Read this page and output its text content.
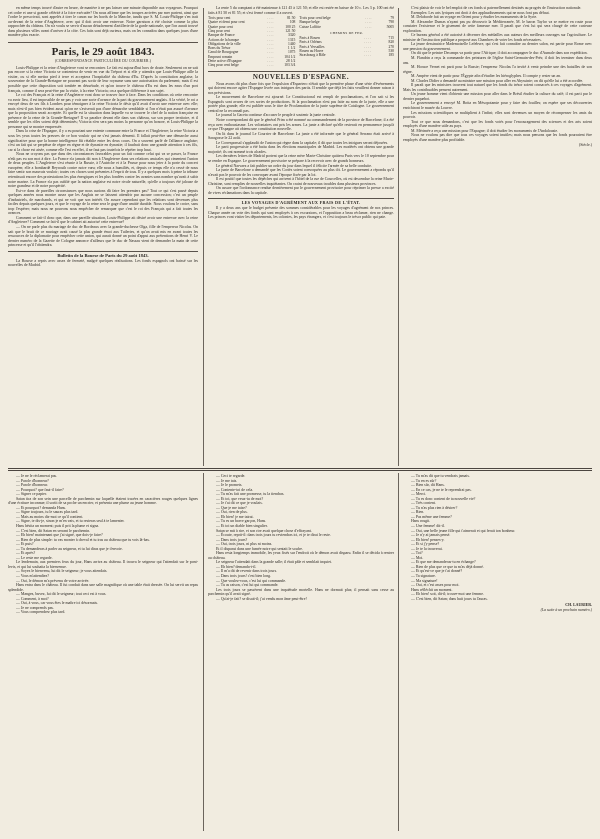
en même temps trouvé d'autre en heure, de manière à ne pas laisser une minute disponible aux voyageurs. Pourquoi cet ordre et une si grande célérité à la foire exécutée? On nous affirme que les troupes arrivées par mer partent, ainsi que l'ordre le prescrivait, sont appelés à tirer le canon sur les bords de la Manche, tandis que S. M. Louis-Philippe s'en irait au-devant de la reine d'Angleterre, avec qui il doit avoir une entrevue. Notre garnison a été choisie comme la plus rapprochée du château. On n'a voulu se servir d'aucun détachement d'artillerie de la garde nationale, que l'on aurait trouvé dans plusieurs villes avant d'arriver à la côte. Ces faits sont déjà curieux, mais on les connaîtra dans quelques jours d'une manière plus exacte.

Paris, le 29 août 1843.

(CORRESPONDANCE PARTICULIÈRE DU COURRIER.)

Louis-Philippe et la reine d'Angleterre vont se rencontrer. Le fait est aujourd'hui hors de doute. Seulement on ne sait pas encore si la reine Victoria se contentera de venir en vue du Tréport et si elle y attendra que Louis-Philippe aille la visiter, ou si elle mettra pied à terre et acceptera l'hospitalité du château d'Eu. D'après la constitution anglaise, la souveraine de la Grande-Bretagne ne pouvant pas sortir de leur royaume sans une autorisation du parlement; mais il est possible que cette disposition soit tombée en désuétude, et qu'on trouve le château d'Eu est dans les eaux d'un port français, comme il sera peut-être par la visite, à la reine Victoria; on a quelque différence à son sujet.

Le roi des Français et la reine d'Angleterre vont donc se trouver face à face. Dans les conditions où cette rencontre va avoir lieu, il est impossible de ne pas y voir une sorte d'avance de la part du gouvernement anglais. A la vérité, le roi a envoyé deux de ses fils à Londres pour témoigner à la reine Victoria le désir qu'il avait d'avoir une entrevue avec elle; mais n'est-il pas bien évident aussi qu'on ne s'aviserait pas d'une démarche semblable si l'on n'était pas assuré d'avance que la proposition serait acceptée. Et quelle est la situation dans laquelle va se trouver le chef de la nation française en présence de la reine de la Grande-Bretagne? Il va paraître devant elle dans son château, sur son propre territoire, et il semble que les rôles soient déjà déterminés; Victoria n'en sera pas moins la personne qu'on honore, et Louis-Philippe la personne qui se montre empressée.

Dans la crise de l'Espagne, il y a eu pourtant une entente commune entre la France et l'Angleterre; la reine Victoria a sous les yeux toutes les preuves de ce bon vouloir qui ne s'est jamais démenti. Il fallait peut-être une démarche aussi significative pour que la bonne intelligence fût rétablie entre les deux cours. On a souvent parlé de l'alliance anglaise; c'est un fait qui se perpétue de règne en règne et de dynastie en dynastie; il faudrait donc une grande attention à ces fils, car si la chose est aisée, comme elle l'est en effet, il ne faut pas toutefois le répéter trop haut.

Nous ne croyons pas que dans des circonstances favorables pour un fait comme celui qui va se passer, la France n'eût pas eu son mot à dire. La France n'a jamais dit non à l'Angleterre dans ses relations amicales qui cimentent l'union de deux peuples. L'Angleterre s'est réunie à la Russie, à l'Autriche et à la Prusse pour nous jeter à la porte du concert européen; elle a bombardé Beyrouth contre notre vœu; elle nous a humiliés, et, depuis ce temps elle n'a cessé de nous faire sentir son mauvais vouloir; toutes ces choses sont présentes à l'esprit de tous. Il y a quelques mois à peine la tribune retentissait encore des protestations les plus énergiques et les plus fondées contre les avanies sans nombre qu'avait à subir notre marine. La France n'a pas oublié que la nation anglaise est notre rivale naturelle, qu'elle a toujours été jalouse de notre grandeur et de notre prospérité.

Est-ce dans de pareilles circonstances que nous aurions dû faire les premiers pas? Tout ce qui s'est passé depuis quelques années nous montre assez que les Anglais ne se laissent attendrir par aucune concession; c'est un peuple d'industriels, de marchands, et qui ne voit que son intérêt. On assure cependant que les relations sont devenues plus faciles depuis quelques jours, et que le voyage de la reine sera le gage d'une amitié durable. Nous voulons le croire, sans trop l'espérer; mais nous ne pouvons nous empêcher de remarquer que c'est le roi des Français qui a fait toutes les avances.

Comment se fait-il donc que, dans une pareille situation, Louis-Philippe ait désiré avoir une entrevue avec la reine d'Angleterre? Comment se fait-il que le cabinet ait autorisé cette entrevue?

— On ne parle plus du mariage de duc de Bordeaux avec la grande-duchesse Olga, fille de l'empereur Nicolas. On sait que le bruit de ce mariage avait causé la plus grande émoi aux Tuileries, et qu'on avait mis en avant toutes les ressources de la diplomatie pour empêcher cette union, qui aurait donné un point d'appui aux prétentions de Henri V. Le dernier numéro de la Gazette de Cologne annonce d'ailleurs que le duc de Nassau vient de demander la main de cette princesse et qu'il l'obtiendra.

Bulletin de la Bourse de Paris du 29 août 1843.

La Bourse a repris avec assez de fermeté, malgré quelques réalisations. Les fonds espagnols ont baissé sur les nouvelles de Madrid.

La rente 5 du comptant a été maintenue à 121 45 à 121 50; et elle est restée en baisse de 10 c. Les 3 p. 100 ont été faits à 81 50 et 81 55; et s'est fermé comme il a ouvert.

Trois pour cent	. . . .	81 50
Quatre et demi pour cent	. . . .	108
Quatre pour cent	. . . .	100 25
Cinq pour cent	. . . .	121 50
Banque de France	. . . .	3320
Actions de la banque	. . . .	1315
Obligations de la ville	. . . .	1440
Bons du Trésor	. . . .	1 1/2
Canal de Bourgogne	. . . .	1075
Emprunt romain	. . . .	104 1/2
Dette active d'Espagne	. . . .	28 1/2
Cinq pour cent belge	. . . .	103 3/4
Trois pour cent belge	. . . .	79
Banque belge	. . . .	790
Caisse Laffitte	. . . .	5005

CHEMINS DE FER.

Paris à Rouen	. . . .	715
Paris à Orléans	. . . .	820
Paris à Versailles	. . . .	270
Rouen au Havre	. . . .	530
Strasbourg à Bâle	. . . .	185

NOUVELLES D'ESPAGNE.

Nous avons dit plus d'une fois que l'expulsion d'Espartero n'était que la première phase d'une série d'événements qui doivent encore agiter l'Espagne livrée aux intrigues des partis. Il semble que déjà les faits veuillent donner raison à nos prévisions.

Le mouvement de Barcelone est ajourné. Le Constitucional est rempli de proclamations, et l'on sait si les Espagnols sont avares de ces sortes de productions. Si la proclamation n'est pas faite au nom de la junte, elle a une portée plus grande; elle est publiée sous le titre de Proclamation de la junte suprême de Catalogne. Le gouvernement central ne la reconnaît pas.

Le journal la Gaceta continue d'accuser le peuple à soutenir la junte centrale.

Notre correspondant dit que le général Prim a été nommé au commandement de la province de Barcelone; il a été reçu avec enthousiasme. Les volontaires ont pris les armes. La junte a déclaré qu'elle resterait en permanence jusqu'à ce que l'Espagne ait obtenu une constitution nouvelle.

On lit dans le journal Le Courrier de Barcelone: La junte a été informée que le général Serrano était arrivé à Saragosse le 22 août.

Le Corresponsal s'applaudit de l'union qui règne dans la capitale; il dit que toutes les intrigues seront déjouées.

Le parti progressiste a été battu dans les élections municipales de Madrid. Les modérés ont obtenu une grande majorité; ils ont nommé trois alcades.

Les dernières lettres de Madrid portent que la reine mère Marie-Christine quittera Paris vers le 10 septembre pour se rendre en Espagne. Le gouvernement provisoire se prépare à la recevoir avec de grands honneurs.

Le général Narvaez a fait publier un ordre du jour dans lequel il félicite l'armée de sa belle conduite.

La junte de Barcelone a demandé que les Cortès soient convoquées au plus tôt. Le gouvernement a répondu qu'il n'avait pas le pouvoir de les convoquer avant l'époque fixée par la loi.

Il est positif que toutes les dépêches qui arrivent à l'hôtel de la rue de Courcelles, où est descendue la reine Marie-Christine, sont remplies de nouvelles inquiétantes. On craint de nouveaux troubles dans plusieurs provinces.

On assure que l'ordonnance rendue dernièrement par le gouvernement provisoire pour réprimer la presse a excité de vives réclamations dans la capitale.

LES VOYAGES D'AGRÉMENT AUX FRAIS DE L'ÉTAT.

Il y a deux ans que le budget présente des sommes considérables pour les voyages d'agrément de nos princes. Chaque année on vote des fonds qui sont employés à ces excursions, et l'opposition a beau réclamer, rien ne change. Les princes vont visiter les départements, les colonies, les pays étrangers, et c'est toujours le trésor public qui paie.

C'est plaisir de voir le bel emploi de ces fonds si paternellement destinés au progrès de l'instruction nationale.

Exemples: Les arts lyriques ont droit à des applaudissements qui ne nous font pas défaut.

M. Delaborde fait un voyage en Orient pour y étudier les monuments de la Syrie.

M. Alexandre Dumas n'ayant pas pu découvrir la Méditerranée, M. le baron Taylor va se mettre en route pour constater l'existence et le gisement de cette fameuse mer. Il paraît que c'est lui qui sera chargé de cette curieuse exploration.

Ce bureau général a été autorisé à décerner des médailles aux auteurs des meilleurs ouvrages sur l'agriculture. Le ministre de l'instruction publique a proposé aux Chambres de voter les fonds nécessaires.

La jeune dessinatrice Mademoiselle Lefebvre, qui s'est fait connaître au dernier salon, est partie pour Rome avec une pension du gouvernement.

On dit que le peintre Decamps va partir pour l'Afrique; il doit accompagner le duc d'Aumale dans son expédition.

M. Flandrin a reçu la commande des peintures de l'église Saint-Germain-des-Prés; il doit les terminer dans deux ans.

M. Horace Vernet est parti pour la Russie; l'empereur Nicolas l'a invité à venir peindre une des batailles de son règne.

M. Ampère vient de partir pour l'Égypte afin d'étudier les hiéroglyphes. Il compte y rester un an.

M. Charles Didier a demandé au ministre une mission pour aller en Abyssinie; on dit qu'elle lui a été accordée.

Il paraît que les ministres trouvent tout naturel que les fonds du trésor soient consacrés à ces voyages d'agrément. Mais les contribuables pensent autrement.

Un jeune homme vient d'obtenir une mission pour aller dans le Brésil étudier la culture du café; il est parti par le dernier paquebot.

Le gouvernement a envoyé M. Botta en Mésopotamie pour y faire des fouilles; on espère que ses découvertes enrichiront le musée du Louvre.

Les missions scientifiques se multiplient à l'infini; elles sont devenues un moyen de récompenser les amis du pouvoir.

Tout ce que nous demandons, c'est que les fonds votés pour l'encouragement des sciences et des arts soient employés d'une manière utile au pays.

M. Mérimée a reçu une mission pour l'Espagne; il doit étudier les monuments de l'Andalousie.

Nous ne voulons pas dire que tous ces voyages soient inutiles; mais nous pensons que les fonds pourraient être employés d'une manière plus profitable.

(Siècle.)

— Je ne le réclamerai pas.

— Parole d'honneur?

— Parole d'honneur.

— Pourquoi? que faut-il faire?

— Signer ce papier.

Satan tira de son sein une parcelle de parchemin sur laquelle étaient tracées en caractères rouges quelques lignes d'une écriture inconnue; il sortit de sa poche un encrier, et présenta une plume au jeune homme.

— Et pourquoi? demanda Hans.

— Signe toujours, tu le sauras plus tard.

— Mais au moins dis-moi ce qu'il contient.

— Signe, te dis-je, sinon je m'en vais, et tu resteras seul à te lamenter.

Hans hésita un moment; puis il prit la plume et signa.

— C'est bien, dit Satan en serrant le parchemin.

— Eh bien! maintenant que j'ai signé, que dois-je faire?

— Rien de plus simple: tu vas monter à cheval et tu iras au château que tu vois là-bas.

— Et puis?

— Tu demanderas à parler au seigneur, et tu lui diras que je t'envoie.

— Et après?

— Le reste me regarde.

Le lendemain, aux premiers feux du jour, Hans arriva au château. Il trouva le seigneur qui l'attendait sur le pont-levis, et qui lui souhaita la bienvenue.

— Soyez le bienvenu, lui dit le seigneur; je vous attendais.

— Vous m'attendiez?

— Oui, le démon m'a prévenu de votre arrivée.

Hans entra dans le château. Il fut conduit dans une salle magnifique où une table était dressée. On lui servit un repas splendide.

— Mangez, buvez, lui dit le seigneur; tout ceci est à vous.

— Comment, à moi?

— Oui, à vous, car vous êtes le maître ici désormais.

— Je ne comprends pas.

— Vous comprendrez plus tard.

— Ceci te regarde.

— Je me tais.

— Je le promets.

— Contente-toi de cela.

— Tu m'as fait une promesse, tu la tiendras.

— Et toi, que veux-tu de moi?

— Je t'ai dit ce que je voulais.

— Que je me taise?

— Oui, rien de plus.

— Eh bien! je me tairai.

— Tu es un brave garçon, Hans.

— Et toi un diable bien singulier.

Satan se mit à rire, et son rire avait quelque chose d'effrayant.

— Écoute, reprit-il: dans trois jours tu reviendras ici, et je te dirai le reste.

— Dans trois jours?

— Oui, trois jours, ni plus ni moins.

Et il disparut dans une fumée noire qui sentait le soufre.

Hans resta longtemps immobile, les yeux fixés sur l'endroit où le démon avait disparu. Enfin il se décida à rentrer au château.

Le seigneur l'attendait dans la grande salle; il était pâle et semblait inquiet.

— Eh bien? demanda-t-il.

— Il m'a dit de revenir dans trois jours.

— Dans trois jours! c'est bien long.

— Que voulez-vous, c'est lui qui commande.

— Tu as raison, c'est lui qui commande.

Les trois jours se passèrent dans une inquiétude mortelle. Hans ne dormait plus; il pensait sans cesse au parchemin qu'il avait signé.

— Qu'ai-je fait? se disait-il; j'ai vendu mon âme peut-être!

— Tu m'as dit que tu vendrais jamais.

— Tu en es sûr?

— Bien sûr, dit Hans.

— En ce cas, je ne te le reprendrai pas.

— Merci.

— Tu es donc content de ta nouvelle vie?

— Très content.

— Tu n'as plus rien à désirer?

— Rien.

— Pas même une femme?

Hans rougit.

— Une femme! dit-il.

— Oui, une belle jeune fille qui t'aimerait et qui ferait ton bonheur.

— Je n'y ai jamais pensé.

— Eh bien! penses-y.

— Et si j'y pense?

— Je te la trouverai.

— Toi?

— Moi.

— Et que me demanderas-tu en échange?

— Rien de plus que ce que tu m'as déjà donné.

— Et qu'est-ce que je t'ai donné?

— Ta signature.

— Ma signature!

— Oui, et c'est assez pour moi.

Hans réfléchit un moment.

— Eh bien! soit, dit-il; trouve-moi une femme.

— C'est bien, dit Satan; dans huit jours tu l'auras.

CH. LAURIER.

(La suite à un prochain numéro.)
